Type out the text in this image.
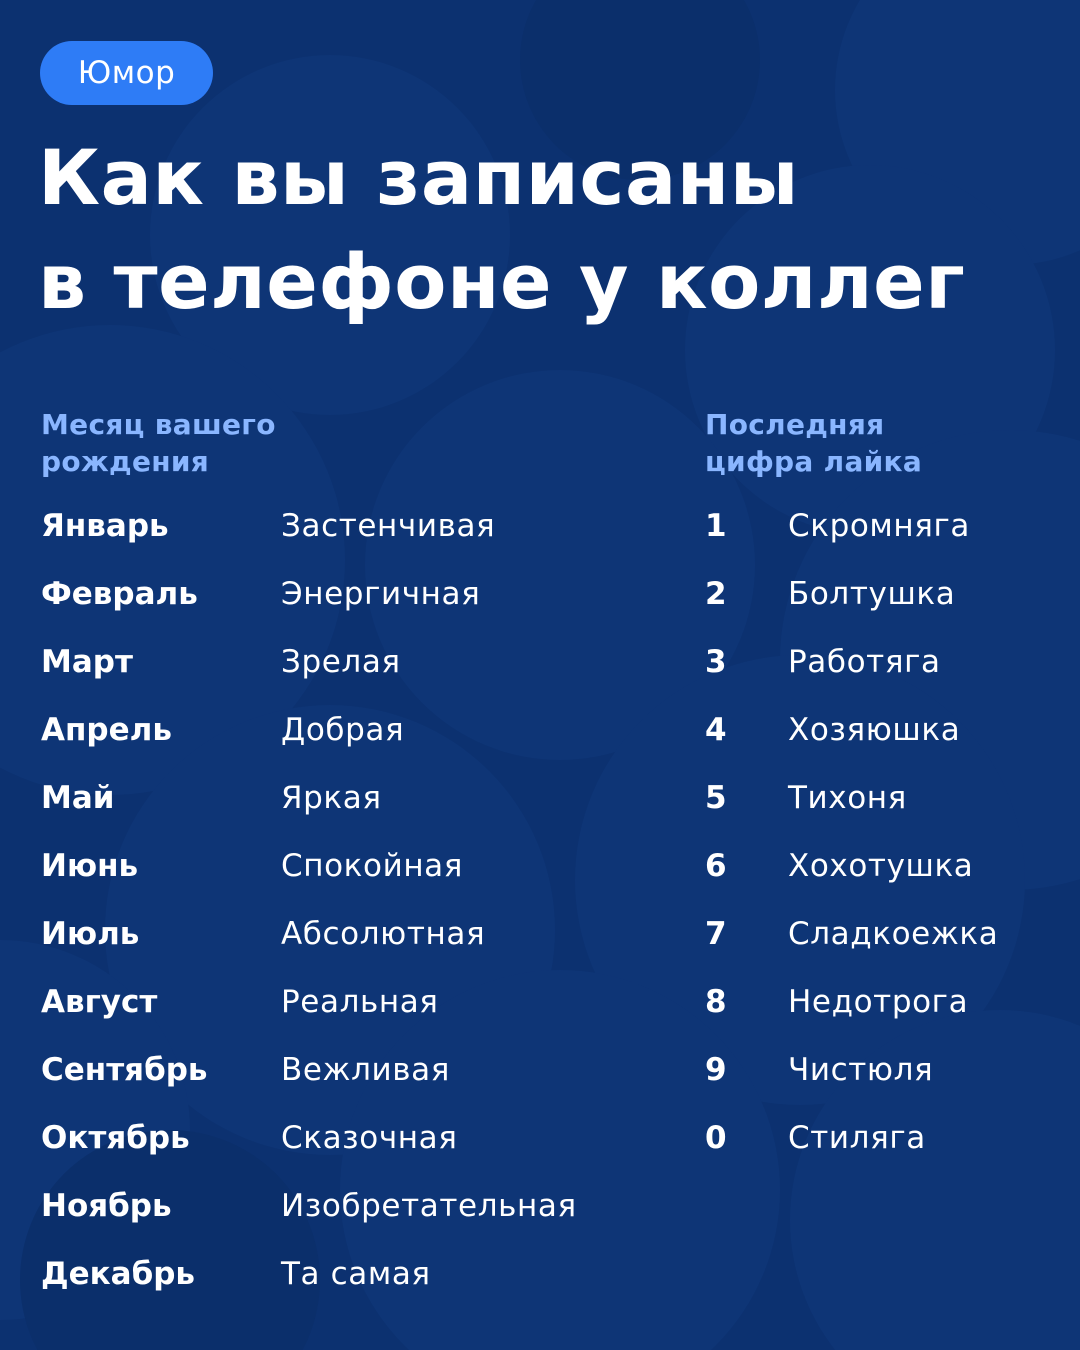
Юмор
Как вы записаны
в телефоне у коллег
Месяц вашего
рождения
Последняя
цифра лайка
Январь	Застенчивая
Февраль	Энергичная
Март	Зрелая
Апрель	Добрая
Май	Яркая
Июнь	Спокойная
Июль	Абсолютная
Август	Реальная
Сентябрь Вежливая
Октябрь	Сказочная
Ноябрь	Изобретательная
Декабрь	Та самая
1 Скромняга
2 Болтушка
3 Работяга
4 Хозяюшка
5 Тихоня
6 Хохотушка
7 Сладкоежка
8 Недотрога
9 Чистюля
0 Стиляга
